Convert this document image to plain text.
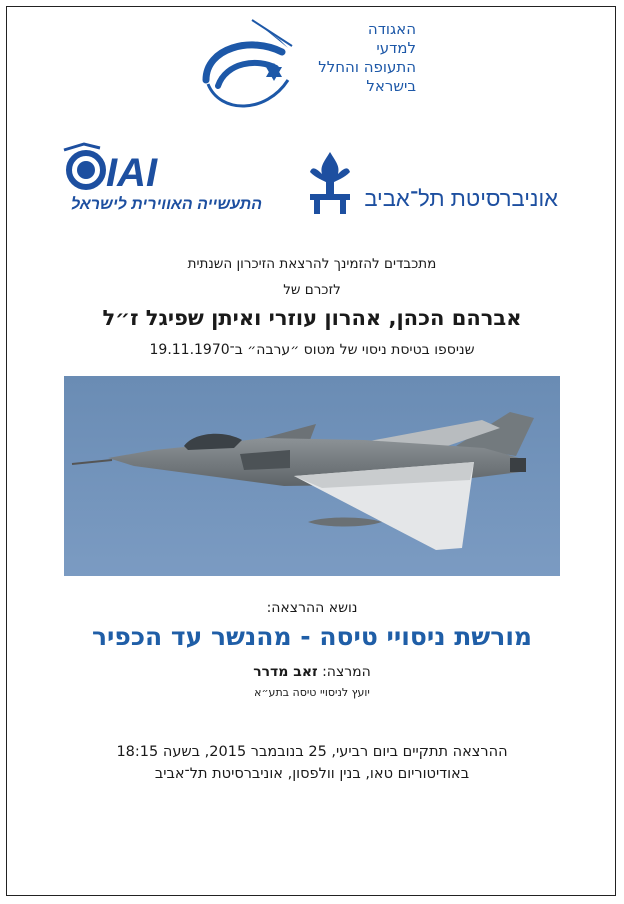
האגודה
למדעי
התעופה והחלל
בישראל
IAI
התעשייה האווירית לישראל	אוניברסיטת תל־אביב
מתכבדים להזמינך להרצאת הזיכרון השנתית
לזכרם של
אברהם הכהן, אהרון עוזרי ואיתן שפיגל ז״ל
שניספו בטיסת ניסוי של מטוס ״ערבה״ ב־19.11.1970
נושא ההרצאה:
מורשת ניסויי טיסה - מהנשר עד הכפיר
המרצה: זאב מדרר
יועץ לניסויי טיסה בתע״א
ההרצאה תתקיים ביום רביעי, 25 בנובמבר 2015, בשעה 18:15
באודיטוריום טאו, בנין וולפסון, אוניברסיטת תל־אביב
